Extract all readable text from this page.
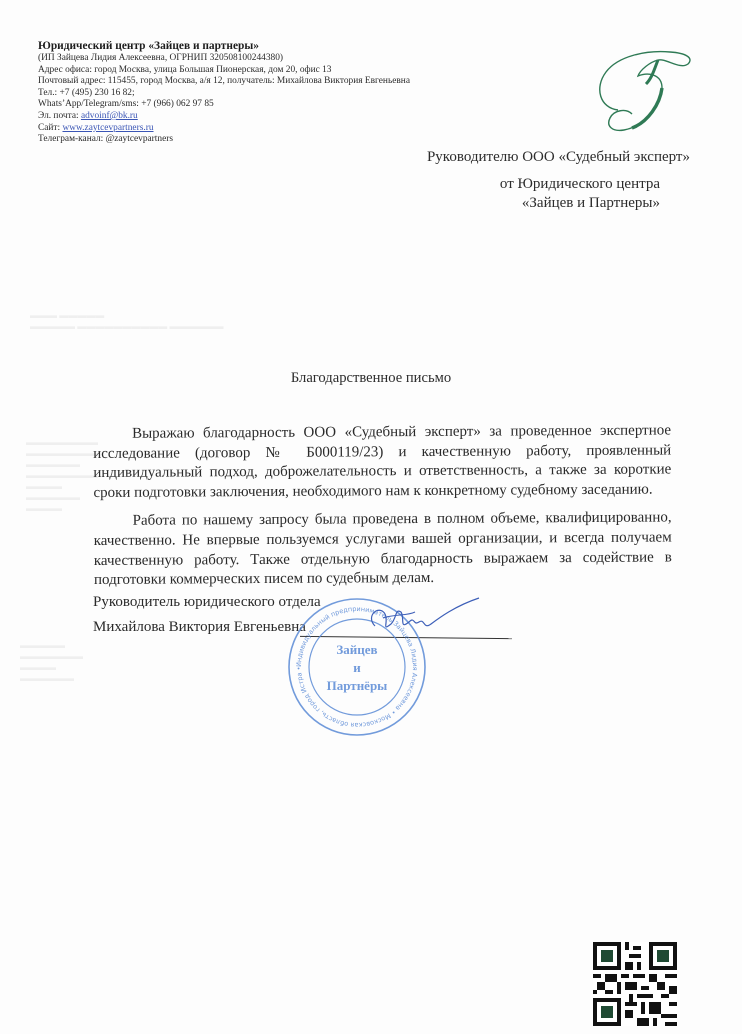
▬▬▬ ▬▬▬▬▬
▬▬▬▬▬ ▬▬▬▬▬▬▬▬▬▬ ▬▬▬▬▬▬
▬▬▬▬▬▬▬▬
▬▬▬▬▬▬▬▬
▬▬▬▬▬▬
▬▬▬▬▬▬▬▬
▬▬▬▬
▬▬▬▬▬▬
▬▬▬▬
▬▬▬▬▬
▬▬▬▬▬▬▬
▬▬▬▬
▬▬▬▬▬▬
Юридический центр «Зайцев и партнеры»
(ИП Зайцева Лидия Алексеевна, ОГРНИП 320508100244380)
Адрес офиса: город Москва, улица Большая Пионерская, дом 20, офис 13
Почтовый адрес: 115455, город Москва, а/я 12, получатель: Михайлова Виктория Евгеньевна
Тел.: +7 (495) 230 16 82;
Whats’App/Telegram/sms: +7 (966) 062 97 85
Эл. почта: advoinf@bk.ru
Сайт: www.zaytcevpartners.ru
Телеграм-канал: @zaytcevpartners
Руководителю ООО «Судебный эксперт»
от Юридического центра
«Зайцев и Партнеры»
Благодарственное письмо

Выражаю благодарность ООО «Судебный эксперт» за проведенное экспертное исследование (договор № Б000119/23) и качественную работу, проявленный индивидуальный подход, доброжелательность и ответственность, а также за короткие сроки подготовки заключения, необходимого нам к конкретному судебному заседанию.

Работа по нашему запросу была проведена в полном объеме, квалифицированно, качественно. Не впервые пользуемся услугами вашей организации, и всегда получаем качественную работу. Также отдельную благодарность выражаем за содействие в подготовки коммерческих писем по судебным делам.

Руководитель юридического отдела
Михайлова Виктория Евгеньевна
Индивидуальный предприниматель Зайцева Лидия Алексеевна • Московская область, город Истра •
Зайцев
и
Партнёры
